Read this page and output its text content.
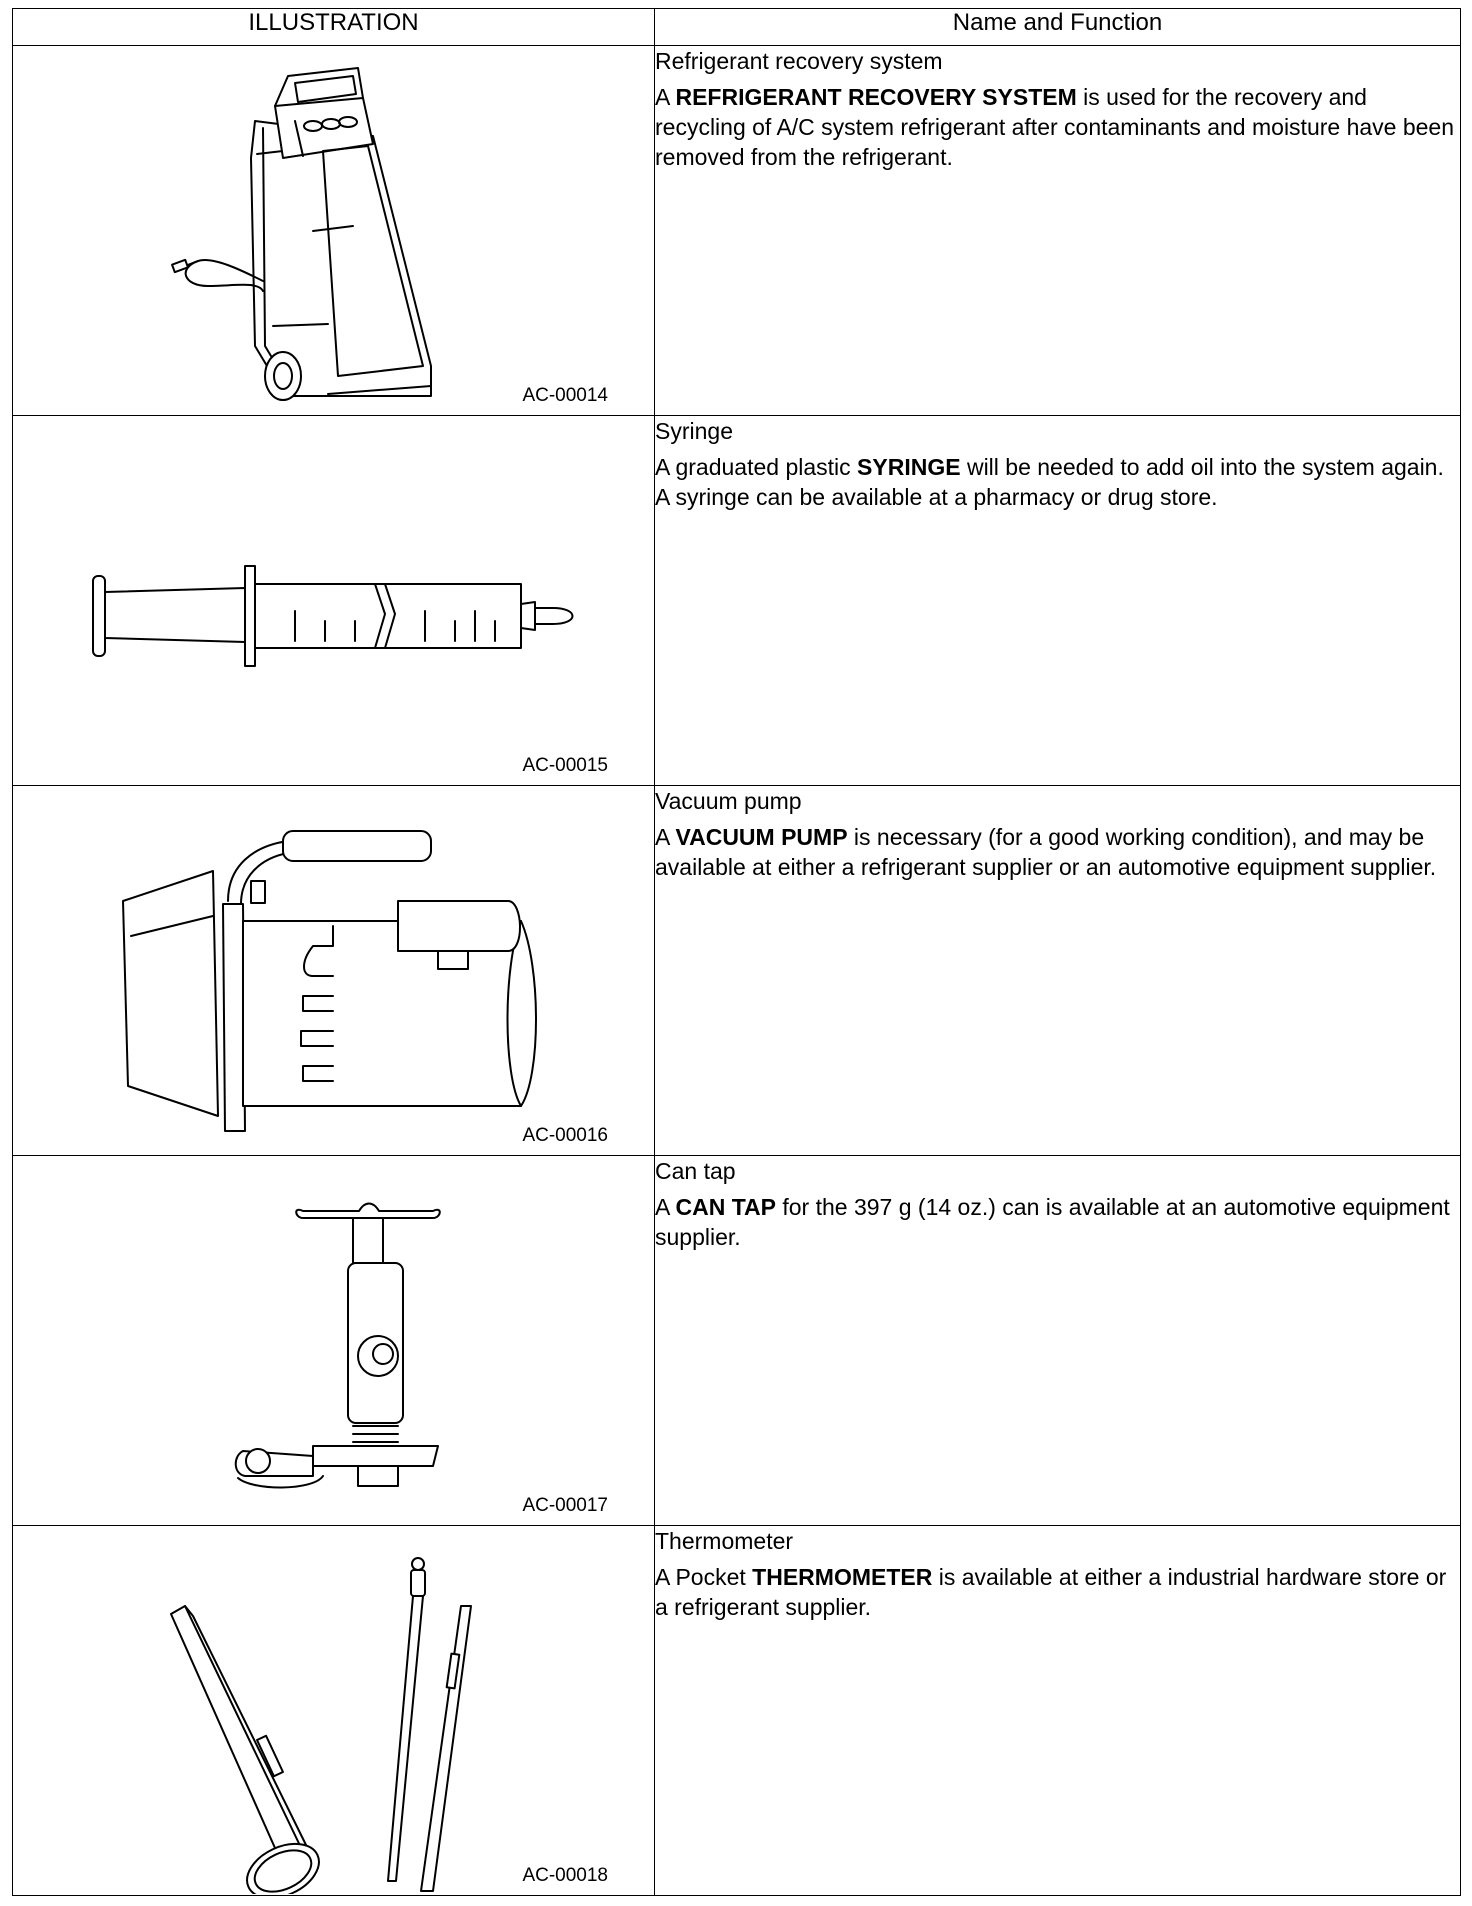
ILLUSTRATION	Name and Function

AC-00014	Refrigerant recovery system

A REFRIGERANT RECOVERY SYSTEM is used for the recovery and recycling of A/C system refrigerant after contaminants and moisture have been removed from the refrigerant.

AC-00015	Syringe

A graduated plastic SYRINGE will be needed to add oil into the system again. A syringe can be available at a pharmacy or drug store.

AC-00016	Vacuum pump

A VACUUM PUMP is necessary (for a good working condition), and may be available at either a refrigerant supplier or an automotive equipment supplier.

AC-00017	Can tap

A CAN TAP for the 397 g (14 oz.) can is available at an automotive equipment supplier.

AC-00018	Thermometer

A Pocket THERMOMETER is available at either a industrial hardware store or a refrigerant supplier.
